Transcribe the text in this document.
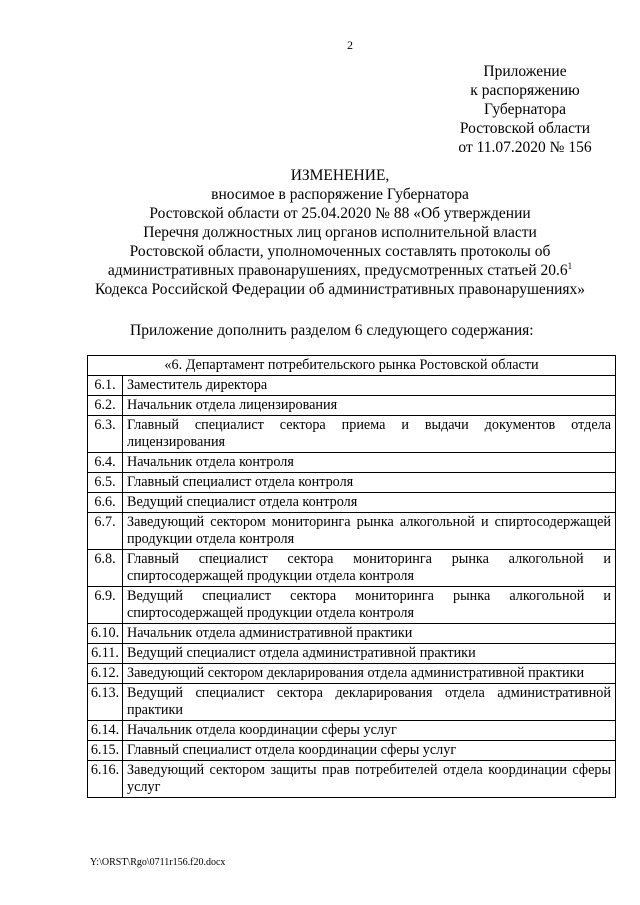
2
Приложение
к распоряжению
Губернатора
Ростовской области
от 11.07.2020 № 156
ИЗМЕНЕНИЕ,
вносимое в распоряжение Губернатора
Ростовской области от 25.04.2020 № 88 «Об утверждении
Перечня должностных лиц органов исполнительной власти
Ростовской области, уполномоченных составлять протоколы об
административных правонарушениях, предусмотренных статьей 20.6$^1$
Кодекса Российской Федерации об административных правонарушениях»
Приложение дополнить разделом 6 следующего содержания:
«6. Департамент потребительского рынка Ростовской области	
6.1.	Заместитель директора
6.2.	Начальник отдела лицензирования
6.3.	Главный специалист сектора приема и выдачи документов отдела лицензирования
6.4.	Начальник отдела контроля
6.5.	Главный специалист отдела контроля
6.6.	Ведущий специалист отдела контроля
6.7.	Заведующий сектором мониторинга рынка алкогольной и спиртосодержащей продукции отдела контроля
6.8.	Главный специалист сектора мониторинга рынка алкогольной и спиртосодержащей продукции отдела контроля
6.9.	Ведущий специалист сектора мониторинга рынка алкогольной и спиртосодержащей продукции отдела контроля
6.10.	Начальник отдела административной практики
6.11.	Ведущий специалист отдела административной практики
6.12.	Заведующий сектором декларирования отдела административной практики
6.13.	Ведущий специалист сектора декларирования отдела административной практики
6.14.	Начальник отдела координации сферы услуг
6.15.	Главный специалист отдела координации сферы услуг
6.16.	Заведующий сектором защиты прав потребителей отдела координации сферы услуг
Y:\ORST\Rgo\0711r156.f20.docx
